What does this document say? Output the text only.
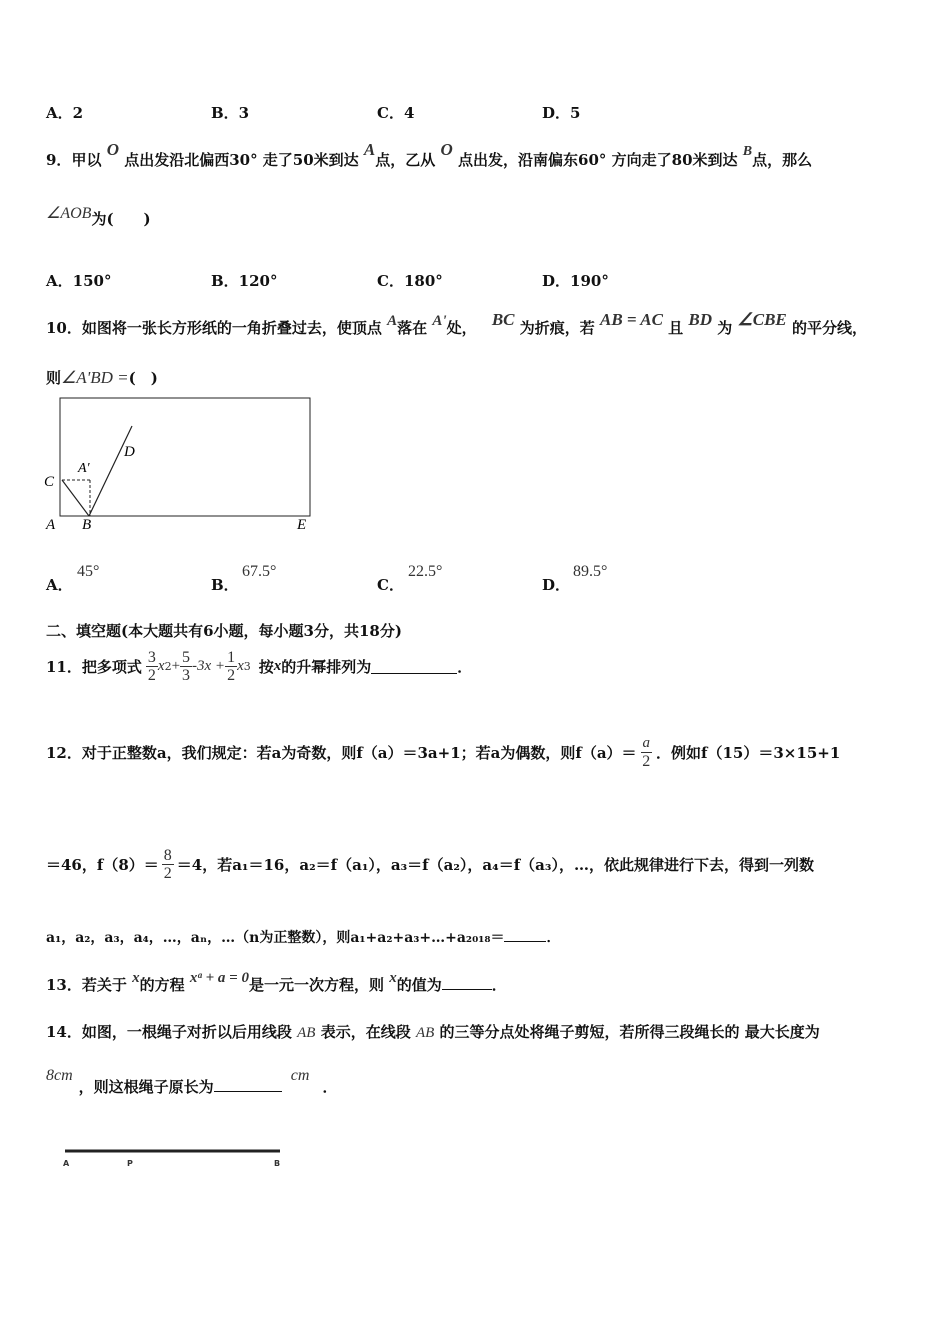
A．2	B．3	C．4	D．5
9．甲以 O 点出发沿北偏西30° 走了50米到达 A点，乙从 O 点出发，沿南偏东60° 方向走了80米到达 B点，那么
∠AOB为(　　)
A．150°	B．120°	C．180°	D．190°
10．如图将一张长方形纸的一角折叠过去，使顶点 A落在 A'处， BC 为折痕，若 AB = AC 且 BD 为 ∠CBE 的平分线，
则∠A'BD =(　)
C
A′
D
A B	E
A．
45°
B．
67.5°
C．
22.5°
D．
89.5°
二、填空题(本大题共有6小题，每小题3分，共18分)
11． 把多项式 $\frac{3}{2}$ x $2 + \frac{5}{3} -3x + \frac{1}{2}$ x 3 按 x 的升幂排列为	．
12． 对于正整数a，我们规定：若a为奇数，则f（a）＝3a+1；若a为偶数，则$f(a)= \frac{a}{2}$ ．例如f（15）＝3×15+1
＝46，$f(8)= \frac{8}{2} =4$，若a₁＝16，a₂＝f（a₁），a₃＝f（a₂），a₄＝f（a₃），…，依此规律进行下去，得到一列数
a₁，a₂，a₃，a₄，…，aₙ，…（n为正整数），则a₁+a₂+a₃+…+a₂₀₁₈＝	．
13．若关于 x的方程 xᵃ + a = 0是一元一次方程，则 x的值为	．
14．如图，一根绳子对折以后用线段 AB 表示，在线段 AB 的三等分点处将绳子剪短，若所得三段绳长的 最大长度为
8cm，则这根绳子原长为 cm ．
A	P	B
